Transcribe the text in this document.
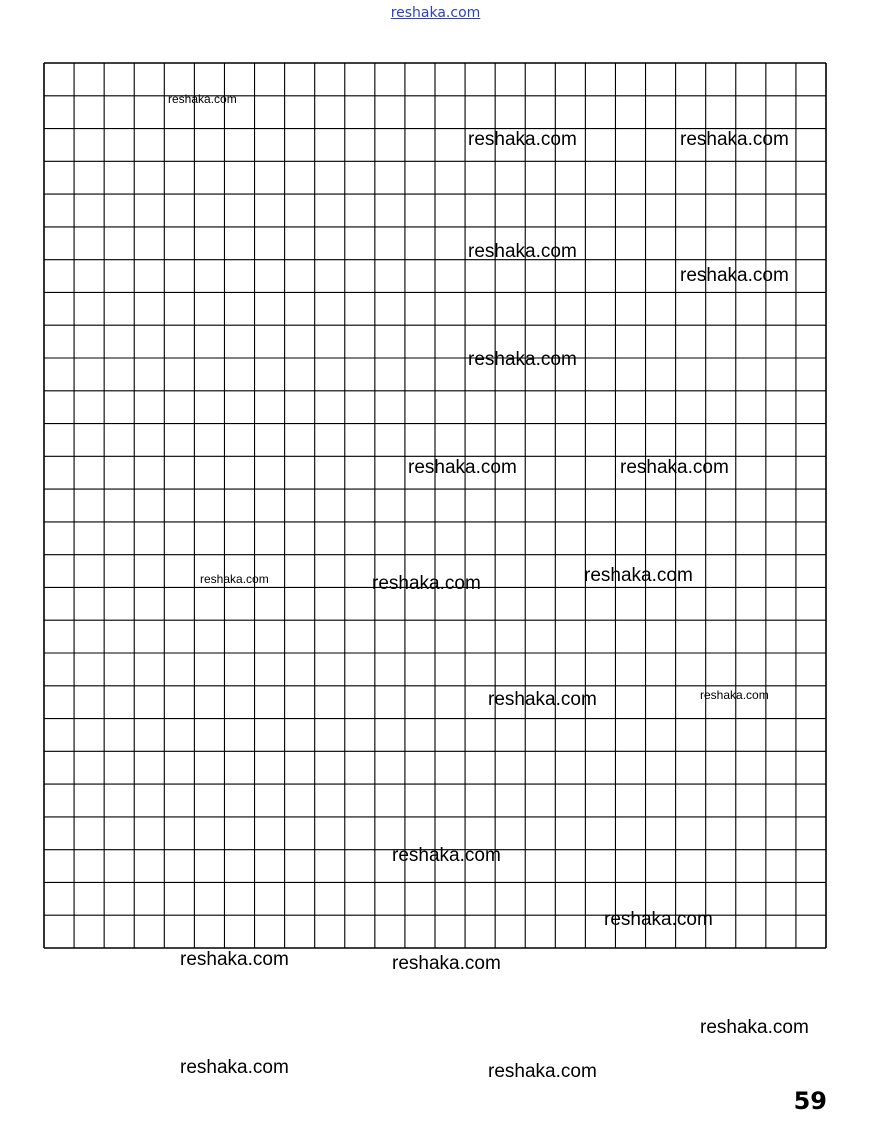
reshaka.com
reshaka.com
reshaka.com	reshaka.com
reshaka.com
reshaka.com
reshaka.com
reshaka.com	reshaka.com
reshaka.com	reshaka.com	reshaka.com
reshaka.com	reshaka.com
reshaka.com
reshaka.com
reshaka.com	reshaka.com
reshaka.com
reshaka.com	reshaka.com
59
